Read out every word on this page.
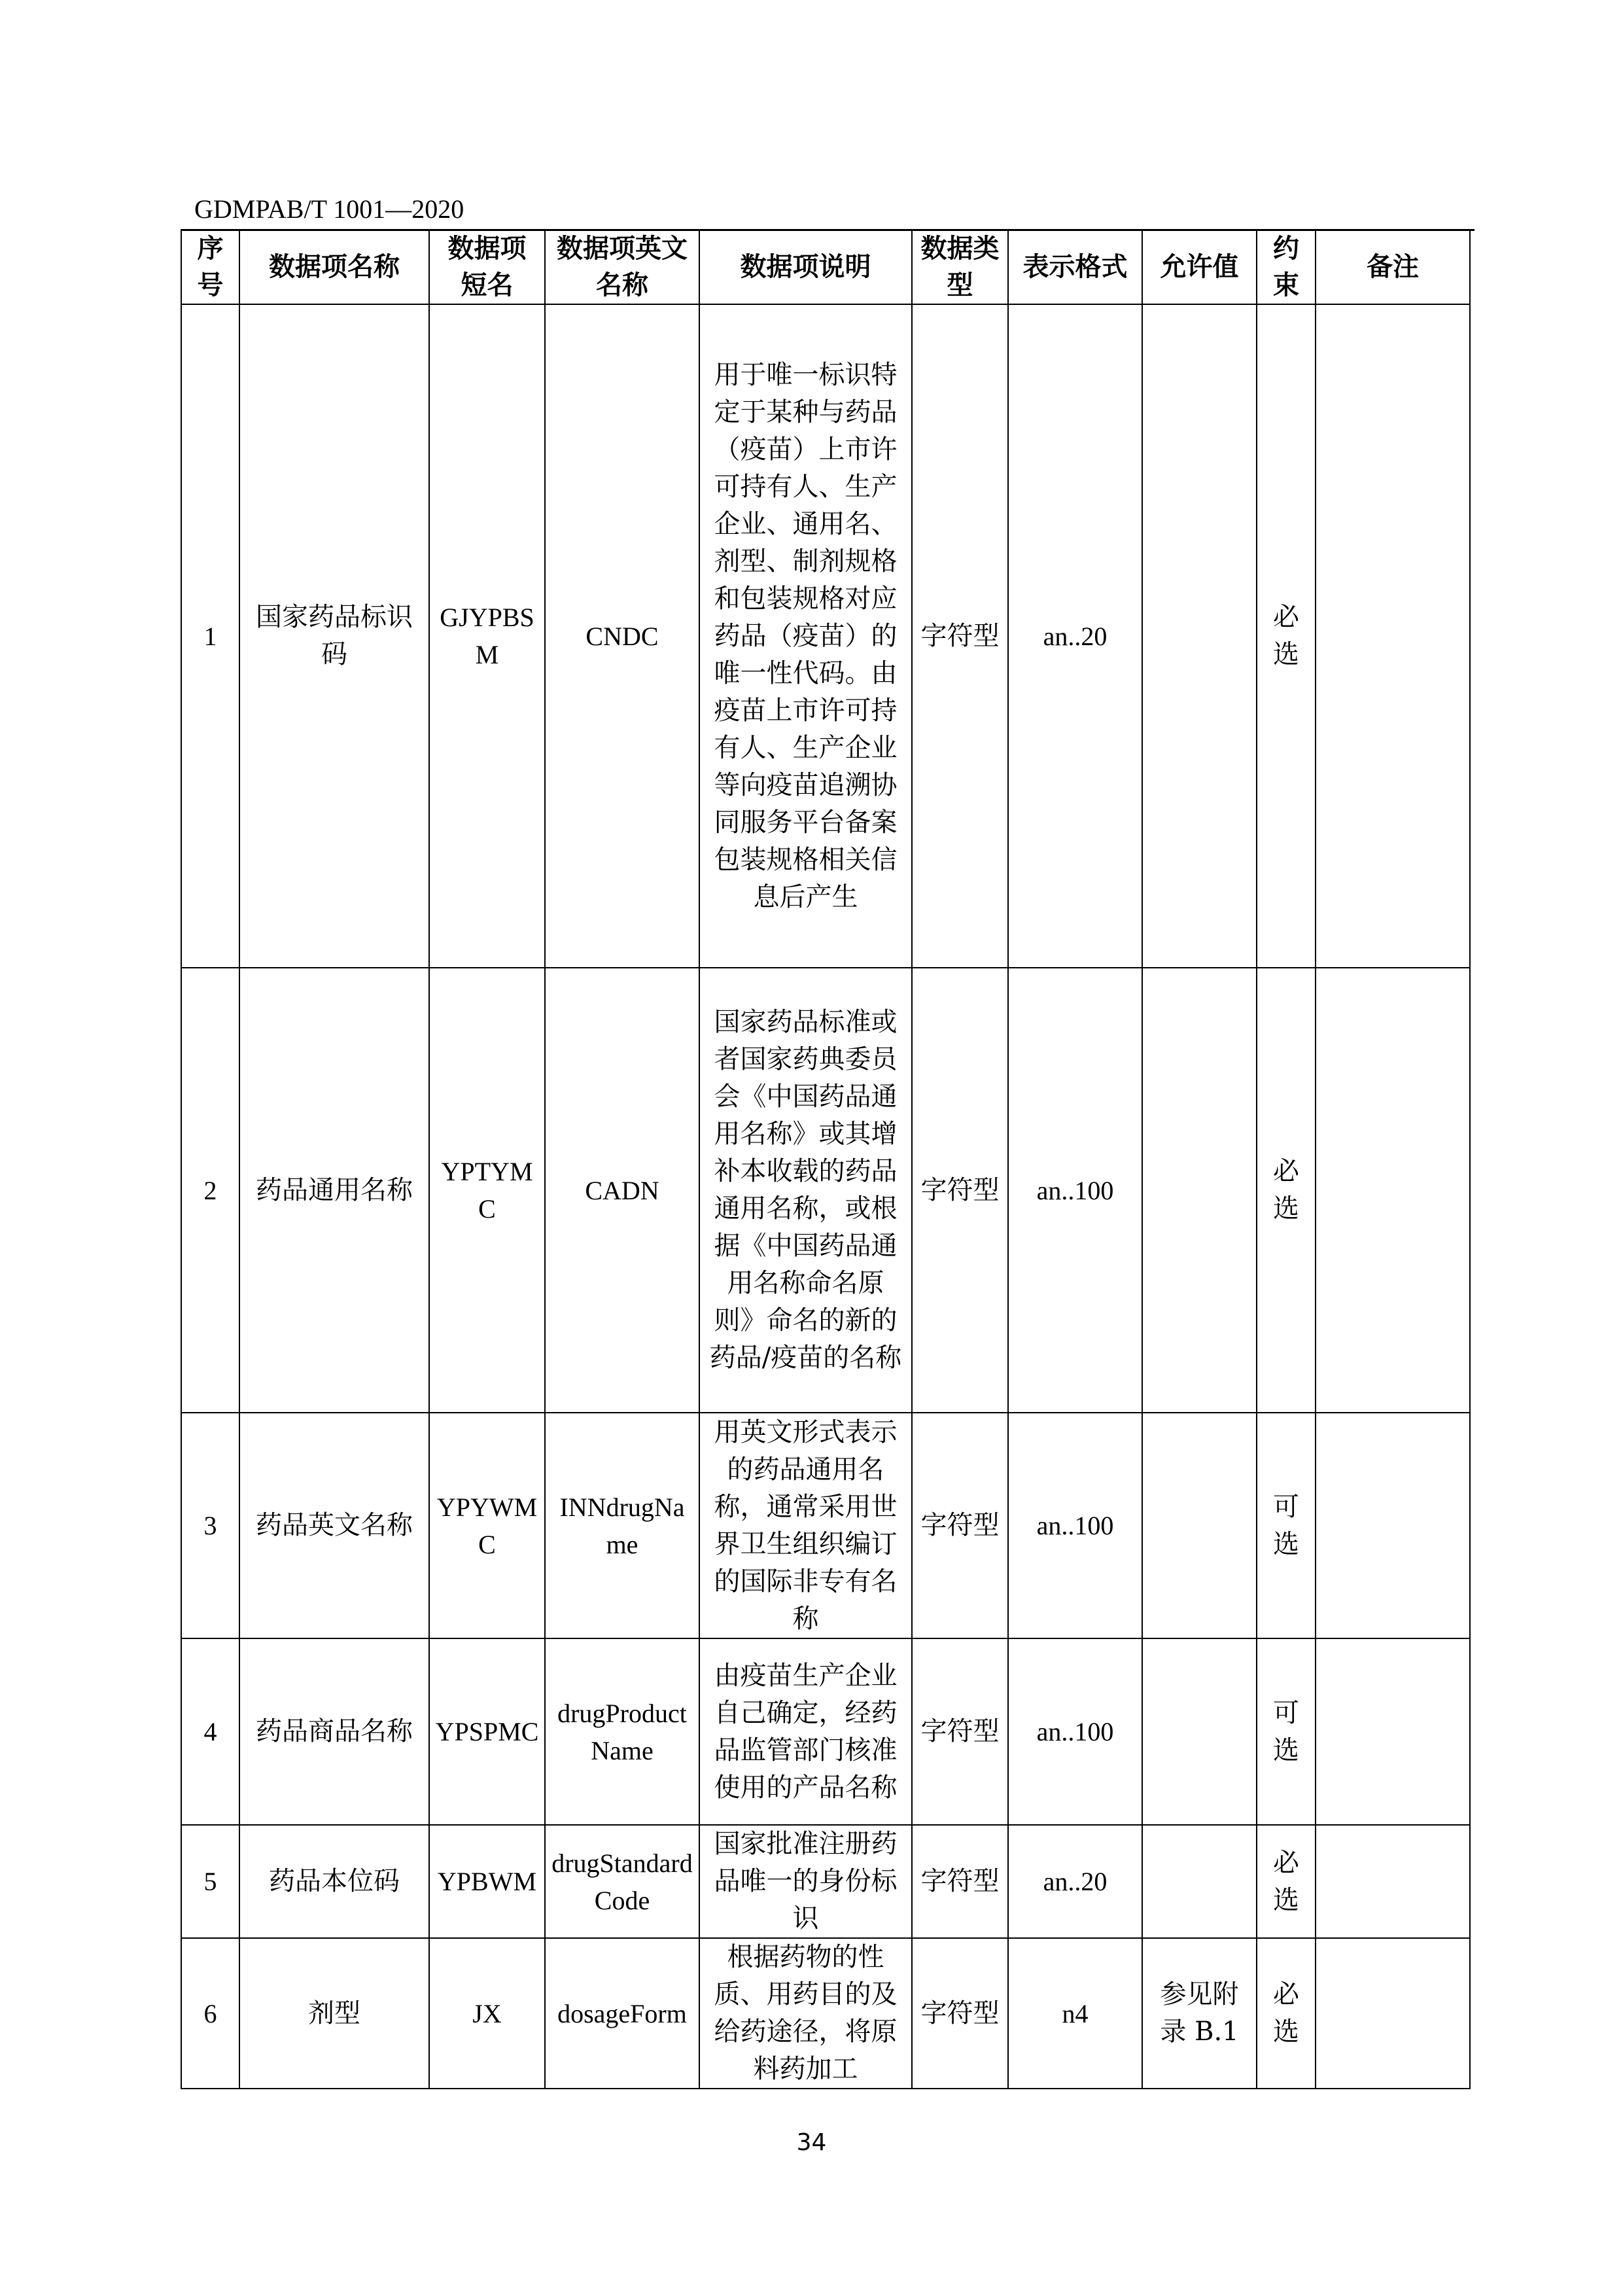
GDMPAB/T 1001—2020
序号	数据项名称	数据项短名	数据项英文名称	数据项说明	数据类型	表示格式	允许值	约束	备注
1	国家药品标识码	GJYPBSM	CNDC	用于唯一标识特定于某种与药品（疫苗）上市许可持有人、生产企业、通用名、剂型、制剂规格和包装规格对应药品（疫苗）的唯一性代码。由疫苗上市许可持有人、生产企业等向疫苗追溯协同服务平台备案包装规格相关信息后产生	字符型	an..20		必选	
2	药品通用名称	YPTYMC	CADN	国家药品标准或者国家药典委员会《中国药品通用名称》或其增补本收载的药品通用名称，或根据《中国药品通用名称命名原则》命名的新的药品/疫苗的名称	字符型	an..100		必选	
3	药品英文名称	YPYWMC	INNdrugName	用英文形式表示的药品通用名称，通常采用世界卫生组织编订的国际非专有名称	字符型	an..100		可选	
4	药品商品名称	YPSPMC	drugProductName	由疫苗生产企业自己确定，经药品监管部门核准使用的产品名称	字符型	an..100		可选	
5	药品本位码	YPBWM	drugStandardCode	国家批准注册药品唯一的身份标识	字符型	an..20		必选	
6	剂型	JX	dosageForm	根据药物的性质、用药目的及给药途径，将原料药加工	字符型	n4	参见附录 B.1	必选	
34
